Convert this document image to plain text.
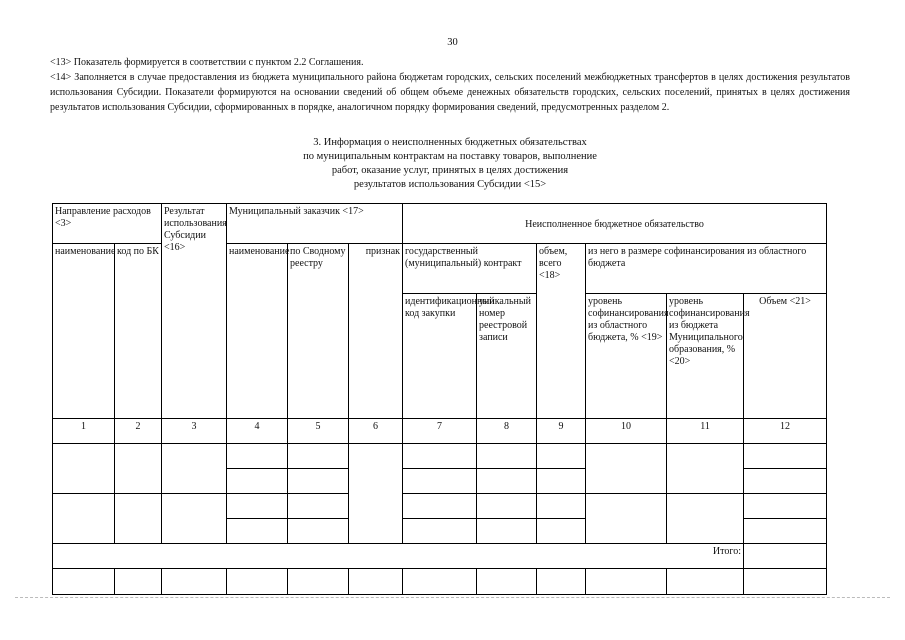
30

<13> Показатель формируется в соответствии с пунктом 2.2 Соглашения.

<14> Заполняется в случае предоставления из бюджета муниципального района бюджетам городских, сельских поселений межбюджетных трансфертов в целях достижения результатов использования Субсидии. Показатели формируются на основании сведений об общем объеме денежных обязательств городских, сельских поселений, принятых в целях достижения результатов использования Субсидии, сформированных в порядке, аналогичном порядку формирования сведений, предусмотренных разделом 2.

3. Информация о неисполненных бюджетных обязательствах
по муниципальным контрактам на поставку товаров, выполнение
работ, оказание услуг, принятых в целях достижения
результатов использования Субсидии <15>
Направление расходов <3>		Результат использования Субсидии <16>	Муниципальный заказчик <17>			Неисполненное бюджетное обязательство					
наименование	код по БК		наименование	по Сводному реестру	признак	государственный (муниципальный) контракт		объем, всего <18>	из него в размере софинансирования из областного бюджета		
						идентификационный код закупки	уникальный номер реестровой записи		уровень софинансирования из областного бюджета, % <19>	уровень софинансирования из бюджета Муниципального образования, % <20>	Объем <21>
1	2	3	4	5	6	7	8	9	10	11	12

Итого:											
